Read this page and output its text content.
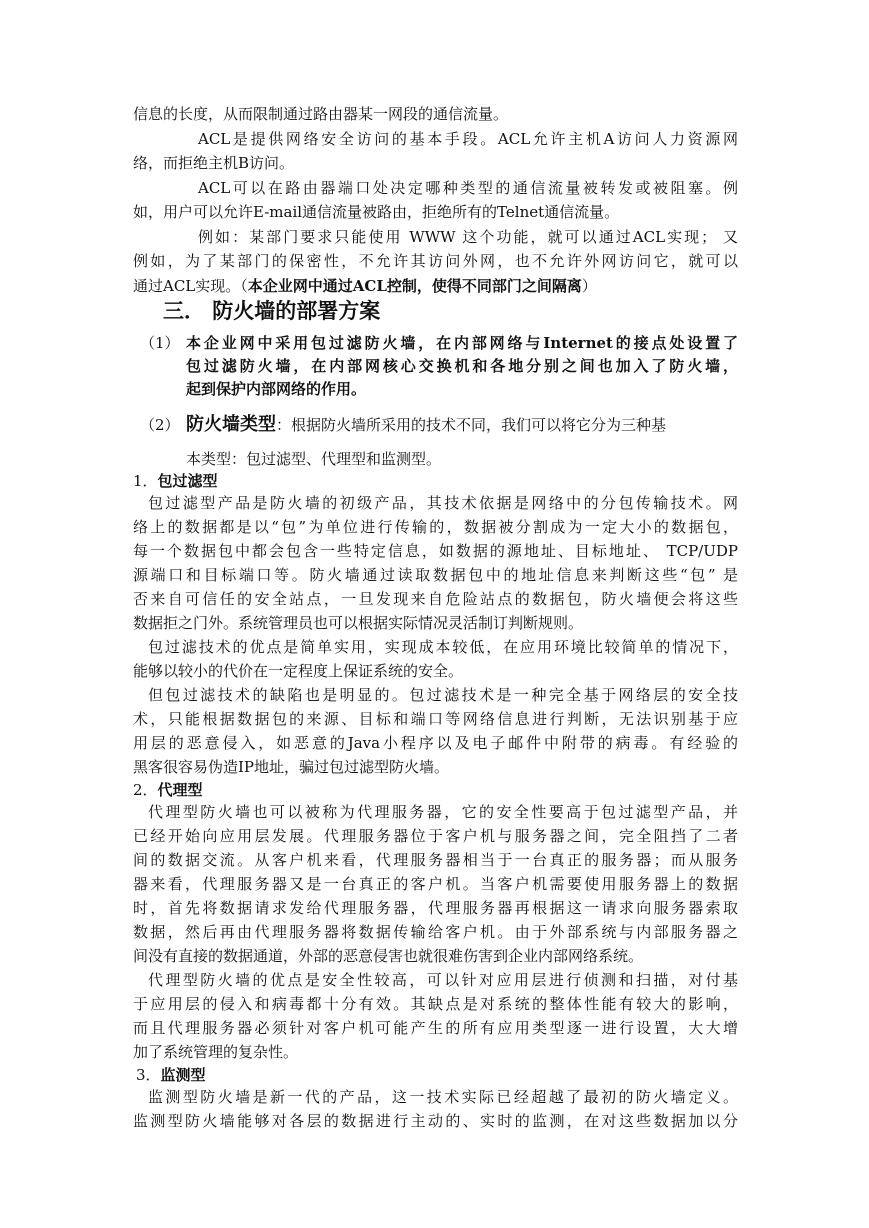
信息的长度，从而限制通过路由器某一网段的通信流量。
ACL是提供网络安全访问的基本手段。ACL允许主机A访问人力资源网
络，而拒绝主机B访问。
ACL可以在路由器端口处决定哪种类型的通信流量被转发或被阻塞。例
如，用户可以允许E-mail通信流量被路由，拒绝所有的Telnet通信流量。
例如：某部门要求只能使用 WWW 这个功能，就可以通过ACL实现； 又
例如，为了某部门的保密性，不允许其访问外网，也不允许外网访问它，就可以
通过ACL实现。（本企业网中通过ACL控制，使得不同部门之间隔离）
三． 防火墙的部署方案
（1） 本企业网中采用包过滤防火墙，在内部网络与Internet的接点处设置了
包过滤防火墙，在内部网核心交换机和各地分别之间也加入了防火墙，
起到保护内部网络的作用。
（2） 防火墙类型：根据防火墙所采用的技术不同，我们可以将它分为三种基
本类型：包过滤型、代理型和监测型。
1．包过滤型
包过滤型产品是防火墙的初级产品，其技术依据是网络中的分包传输技术。网
络上的数据都是以“包”为单位进行传输的，数据被分割成为一定大小的数据包，
每一个数据包中都会包含一些特定信息，如数据的源地址、目标地址、 TCP/UDP
源端口和目标端口等。防火墙通过读取数据包中的地址信息来判断这些“包” 是
否来自可信任的安全站点，一旦发现来自危险站点的数据包，防火墙便会将这些
数据拒之门外。系统管理员也可以根据实际情况灵活制订判断规则。
包过滤技术的优点是简单实用，实现成本较低，在应用环境比较简单的情况下，
能够以较小的代价在一定程度上保证系统的安全。
但包过滤技术的缺陷也是明显的。包过滤技术是一种完全基于网络层的安全技
术，只能根据数据包的来源、目标和端口等网络信息进行判断，无法识别基于应
用层的恶意侵入，如恶意的Java小程序以及电子邮件中附带的病毒。有经验的
黑客很容易伪造IP地址，骗过包过滤型防火墙。
2．代理型
代理型防火墙也可以被称为代理服务器，它的安全性要高于包过滤型产品，并
已经开始向应用层发展。代理服务器位于客户机与服务器之间，完全阻挡了二者
间的数据交流。从客户机来看，代理服务器相当于一台真正的服务器；而从服务
器来看，代理服务器又是一台真正的客户机。当客户机需要使用服务器上的数据
时，首先将数据请求发给代理服务器，代理服务器再根据这一请求向服务器索取
数据，然后再由代理服务器将数据传输给客户机。由于外部系统与内部服务器之
间没有直接的数据通道，外部的恶意侵害也就很难伤害到企业内部网络系统。
代理型防火墙的优点是安全性较高，可以针对应用层进行侦测和扫描，对付基
于应用层的侵入和病毒都十分有效。其缺点是对系统的整体性能有较大的影响，
而且代理服务器必须针对客户机可能产生的所有应用类型逐一进行设置，大大增
加了系统管理的复杂性。
3．监测型
监测型防火墙是新一代的产品，这一技术实际已经超越了最初的防火墙定义。
监测型防火墙能够对各层的数据进行主动的、实时的监测，在对这些数据加以分
